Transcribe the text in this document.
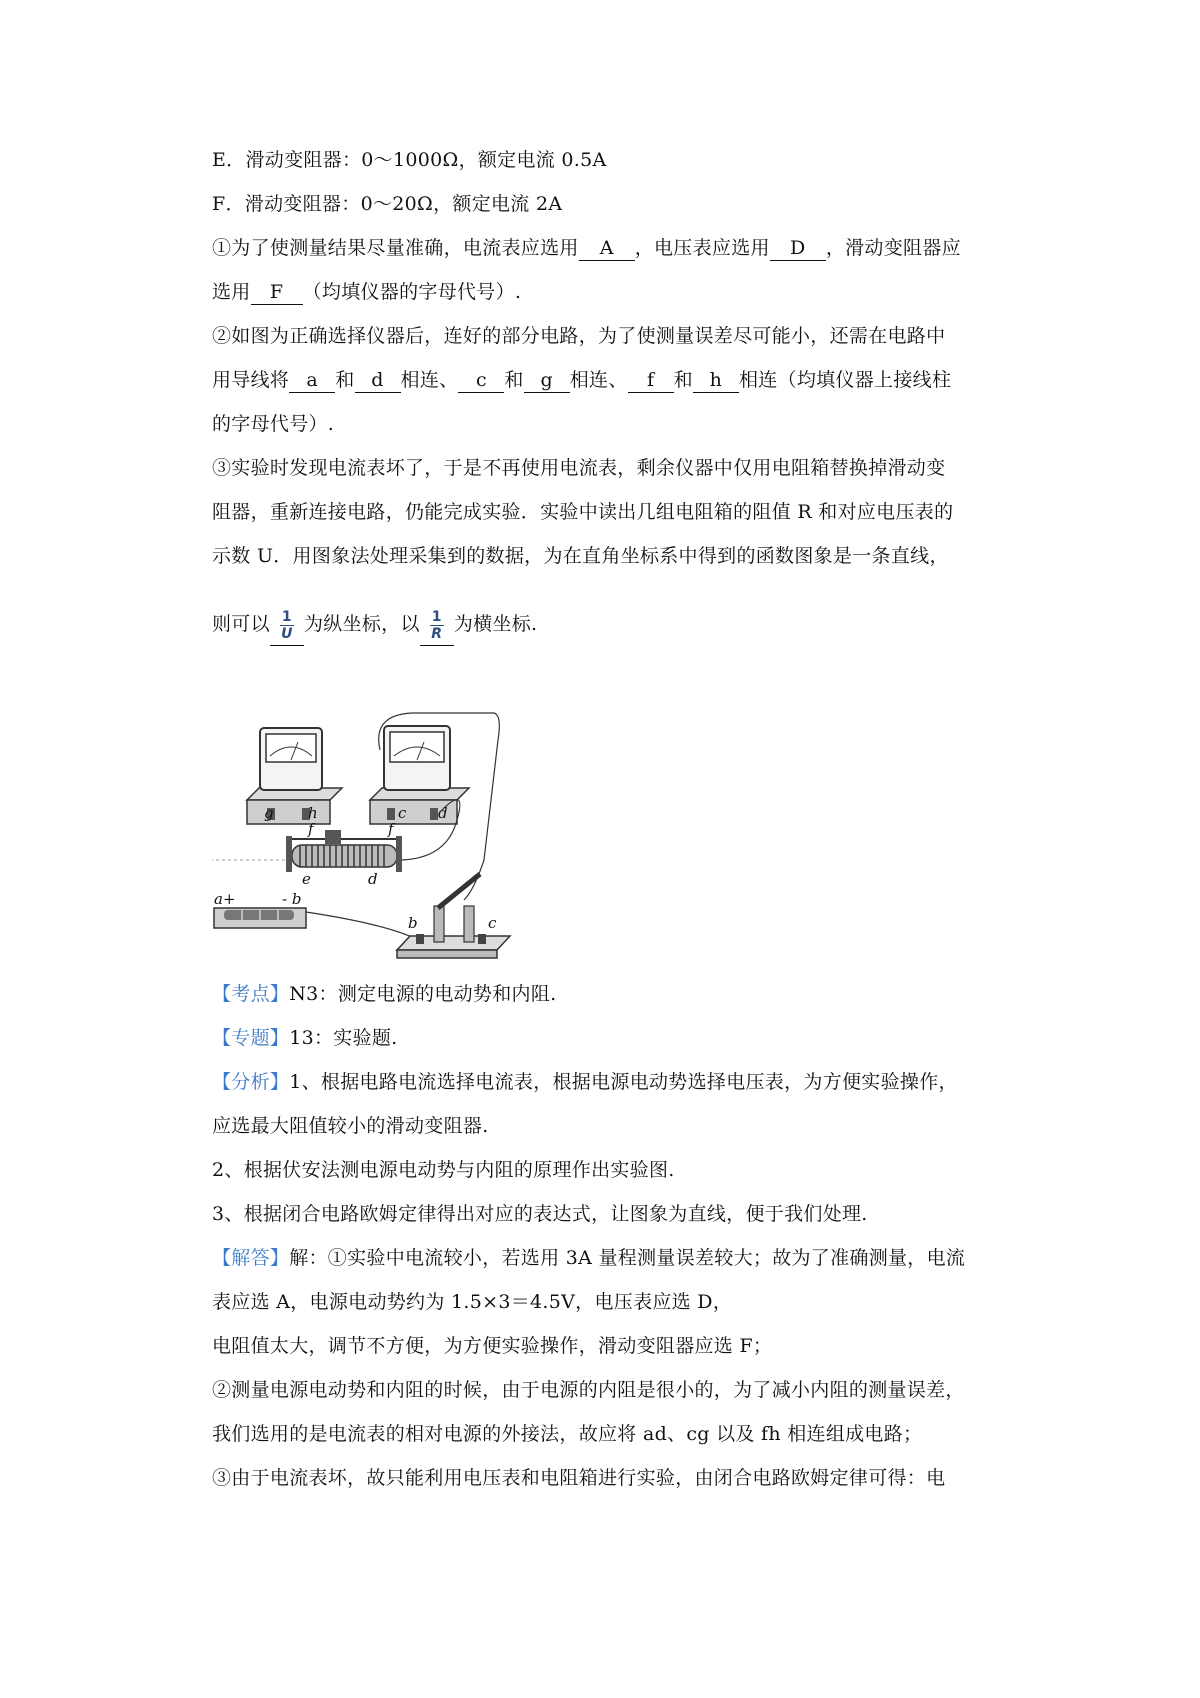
E．滑动变阻器：0～1000Ω，额定电流 0.5A
F．滑动变阻器：0～20Ω，额定电流 2A
①为了使测量结果尽量准确，电流表应选用 A ，电压表应选用 D ，滑动变阻器应
选用 F （均填仪器的字母代号）.
②如图为正确选择仪器后，连好的部分电路，为了使测量误差尽可能小，还需在电路中
用导线将 a 和 d 相连、 c 和 g 相连、 f 和 h 相连（均填仪器上接线柱
的字母代号）.
③实验时发现电流表坏了，于是不再使用电流表，剩余仪器中仅用电阻箱替换掉滑动变
阻器，重新连接电路，仍能完成实验．实验中读出几组电阻箱的阻值 R 和对应电压表的
示数 U．用图象法处理采集到的数据，为在直角坐标系中得到的函数图象是一条直线，
则可以 $\frac{1}{U}$ 为纵坐标，以 $\frac{1}{R}$ 为横坐标.
g h	c d
f	f
e	d
a+	- b
b	c
【考点】N3：测定电源的电动势和内阻.
【专题】13：实验题.
【分析】1、根据电路电流选择电流表，根据电源电动势选择电压表，为方便实验操作，
应选最大阻值较小的滑动变阻器.
2、根据伏安法测电源电动势与内阻的原理作出实验图.
3、根据闭合电路欧姆定律得出对应的表达式，让图象为直线，便于我们处理.
【解答】解：①实验中电流较小，若选用 3A 量程测量误差较大；故为了准确测量，电流
表应选 A，电源电动势约为 1.5×3＝4.5V，电压表应选 D，
电阻值太大，调节不方便，为方便实验操作，滑动变阻器应选 F；
②测量电源电动势和内阻的时候，由于电源的内阻是很小的，为了减小内阻的测量误差，
我们选用的是电流表的相对电源的外接法，故应将 ad、cg 以及 fh 相连组成电路；
③由于电流表坏，故只能利用电压表和电阻箱进行实验，由闭合电路欧姆定律可得：电
